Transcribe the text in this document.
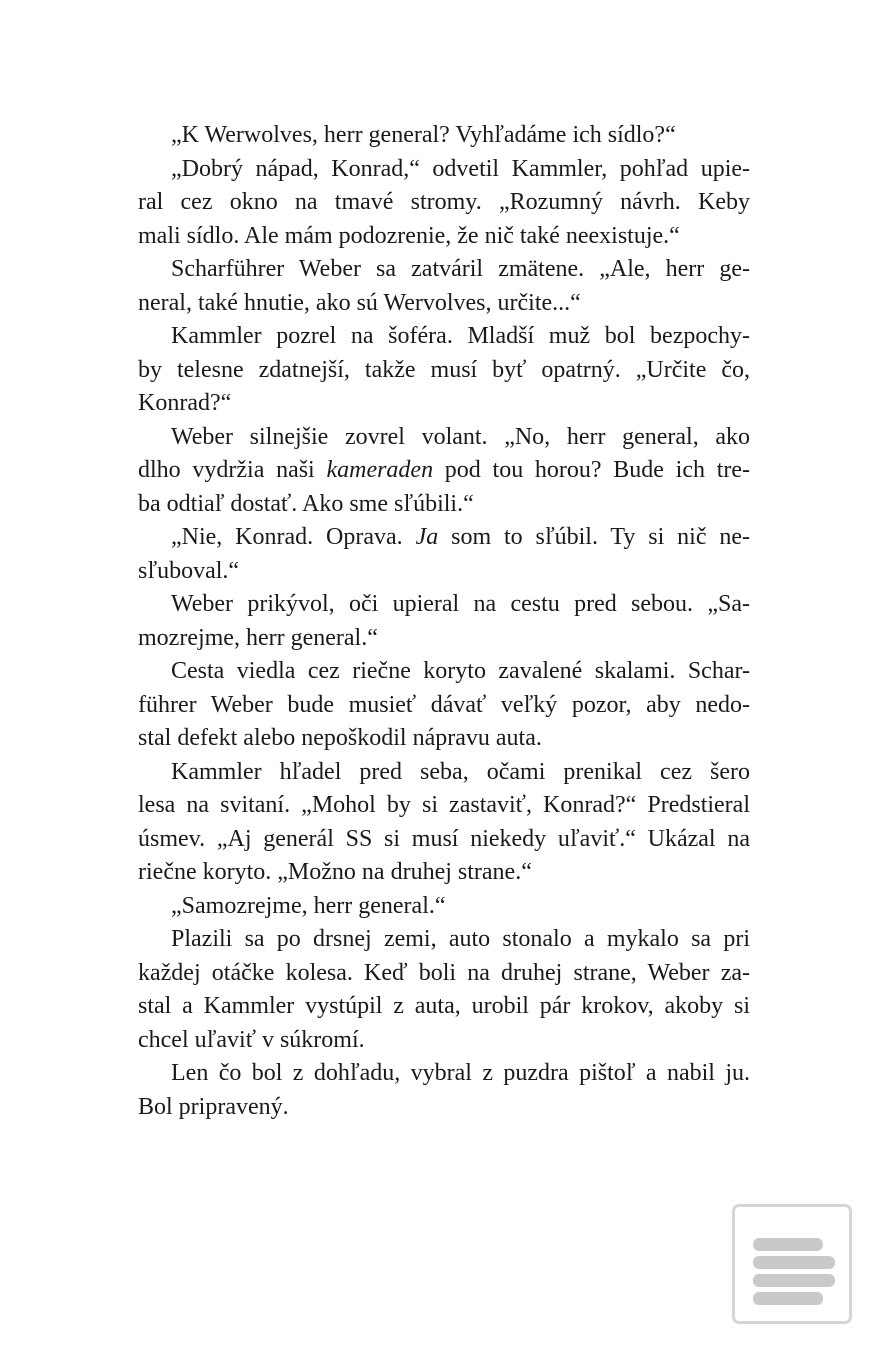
„K Werwolves, herr general? Vyhľadáme ich sídlo?“
„Dobrý nápad, Konrad,“ odvetil Kammler, pohľad upie-
ral cez okno na tmavé stromy. „Rozumný návrh. Keby
mali sídlo. Ale mám podozrenie, že nič také neexistuje.“
Scharführer Weber sa zatváril zmätene. „Ale, herr ge-
neral, také hnutie, ako sú Wervolves, určite...“
Kammler pozrel na šoféra. Mladší muž bol bezpochy-
by telesne zdatnejší, takže musí byť opatrný. „Určite čo,
Konrad?“
Weber silnejšie zovrel volant. „No, herr general, ako
dlho vydržia naši kameraden pod tou horou? Bude ich tre-
ba odtiaľ dostať. Ako sme sľúbili.“
„Nie, Konrad. Oprava. Ja som to sľúbil. Ty si nič ne-
sľuboval.“
Weber prikývol, oči upieral na cestu pred sebou. „Sa-
mozrejme, herr general.“
Cesta viedla cez riečne koryto zavalené skalami. Schar-
führer Weber bude musieť dávať veľký pozor, aby nedo-
stal defekt alebo nepoškodil nápravu auta.
Kammler hľadel pred seba, očami prenikal cez šero
lesa na svitaní. „Mohol by si zastaviť, Konrad?“ Predstieral
úsmev. „Aj generál SS si musí niekedy uľaviť.“ Ukázal na
riečne koryto. „Možno na druhej strane.“
„Samozrejme, herr general.“
Plazili sa po drsnej zemi, auto stonalo a mykalo sa pri
každej otáčke kolesa. Keď boli na druhej strane, Weber za-
stal a Kammler vystúpil z auta, urobil pár krokov, akoby si
chcel uľaviť v súkromí.
Len čo bol z dohľadu, vybral z puzdra pištoľ a nabil ju.
Bol pripravený.
